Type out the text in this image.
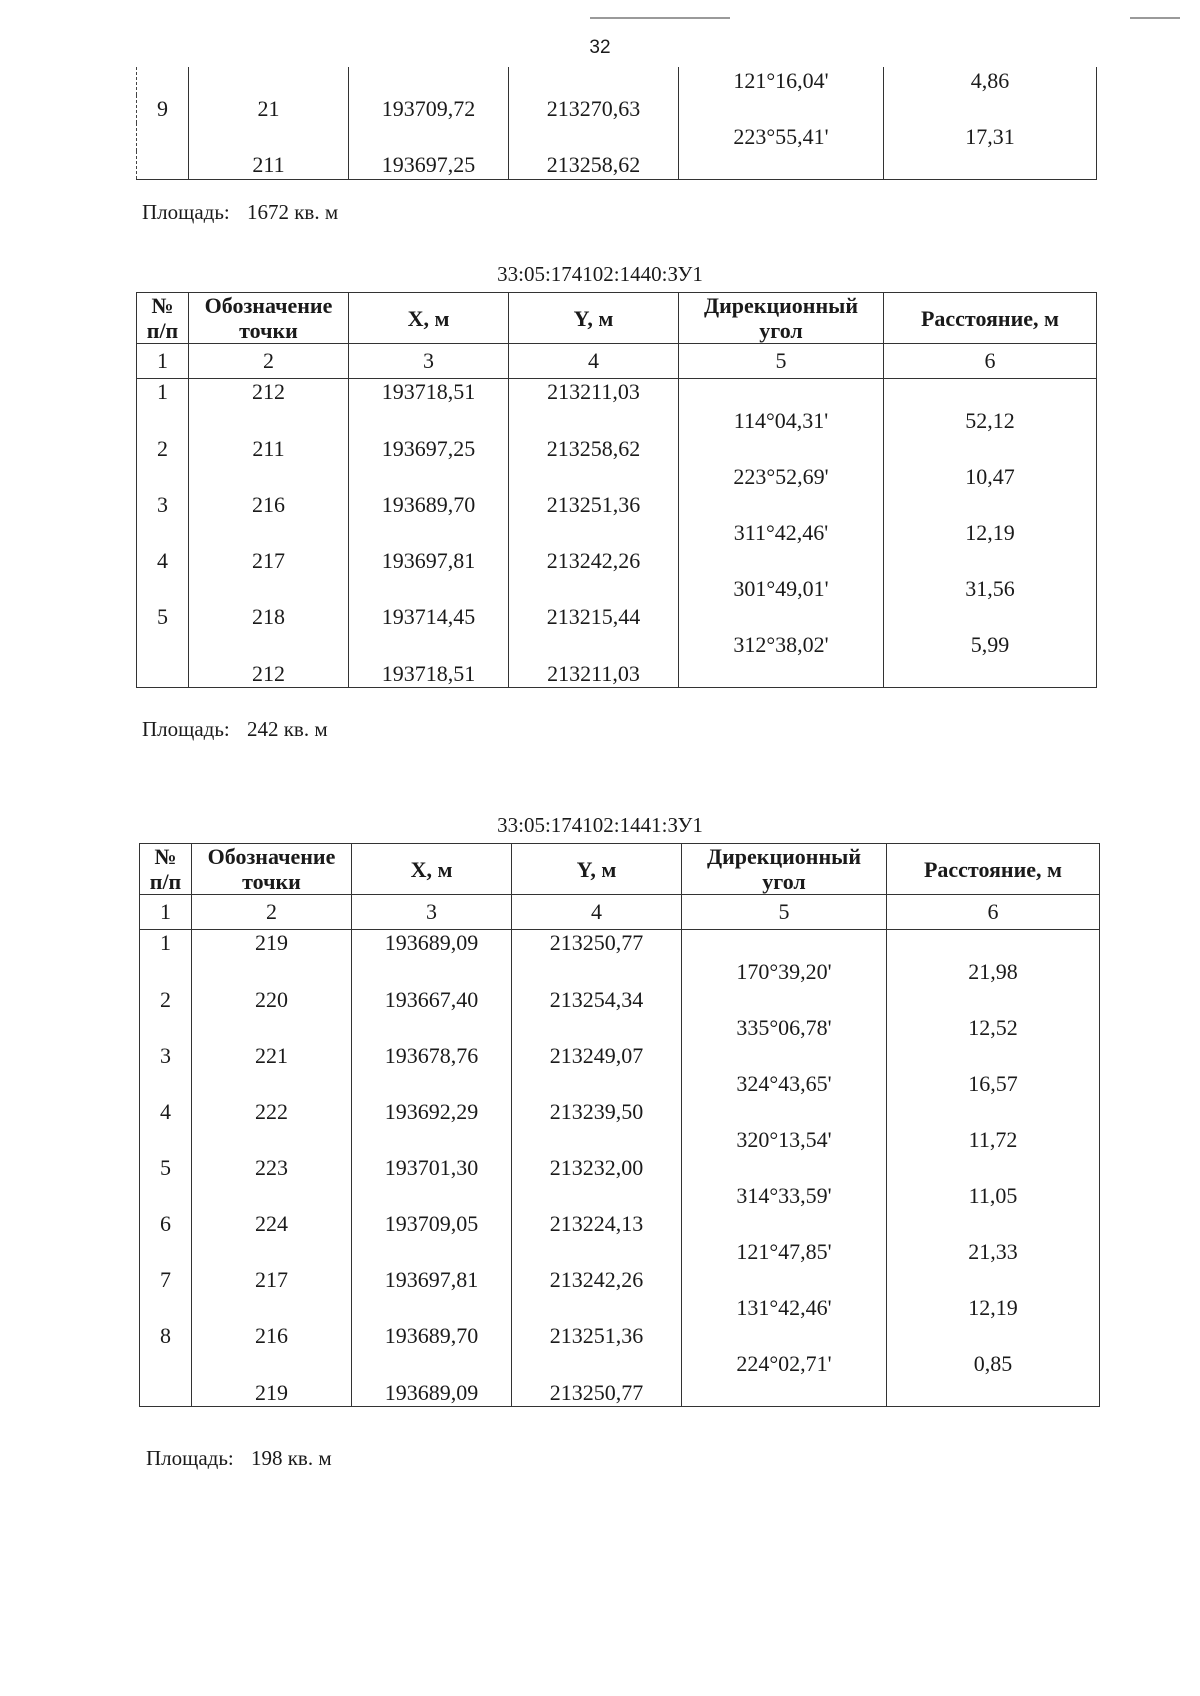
32
				121°16,04'	4,86
9	21	193709,72	213270,63		
				223°55,41'	17,31
	211	193697,25	213258,62		
Площадь: 1672 кв. м
33:05:174102:1440:ЗУ1
№
п/п	Обозначение
точки	X, м	Y, м	Дирекционный
угол	Расстояние, м
1	2	3	4	5	6
1	212	193718,51	213211,03		
				114°04,31'	52,12
2	211	193697,25	213258,62		
				223°52,69'	10,47
3	216	193689,70	213251,36		
				311°42,46'	12,19
4	217	193697,81	213242,26		
				301°49,01'	31,56
5	218	193714,45	213215,44		
				312°38,02'	5,99
	212	193718,51	213211,03		
Площадь: 242 кв. м
33:05:174102:1441:ЗУ1
№
п/п	Обозначение
точки	X, м	Y, м	Дирекционный
угол	Расстояние, м
1	2	3	4	5	6
1	219	193689,09	213250,77		
				170°39,20'	21,98
2	220	193667,40	213254,34		
				335°06,78'	12,52
3	221	193678,76	213249,07		
				324°43,65'	16,57
4	222	193692,29	213239,50		
				320°13,54'	11,72
5	223	193701,30	213232,00		
				314°33,59'	11,05
6	224	193709,05	213224,13		
				121°47,85'	21,33
7	217	193697,81	213242,26		
				131°42,46'	12,19
8	216	193689,70	213251,36		
				224°02,71'	0,85
	219	193689,09	213250,77		
Площадь: 198 кв. м
